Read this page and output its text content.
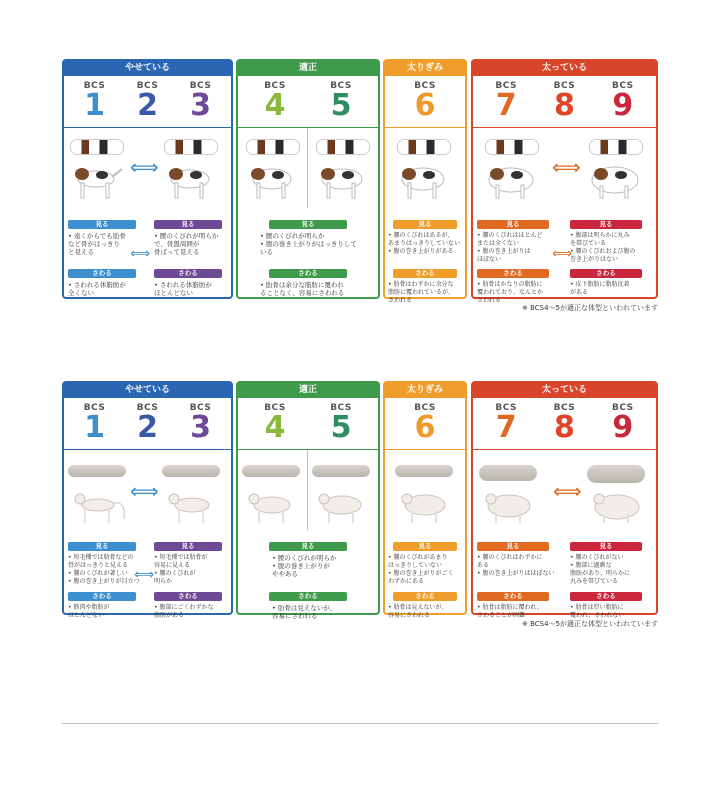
やせている
BCS
1
BCS
2
BCS
3
⟺
見る
• 遠くからでも肋骨
など骨がはっきり
と見える
見る
• 腰のくびれが明らか
で、骨盤周囲が
骨ばって見える
⟺
さわる
• さわれる体脂肪が
全くない
さわる
• さわれる体脂肪が
ほとんどない
適正
BCS
4
BCS
5
見る
• 腰のくびれが明らか
• 腹の巻き上がりがはっきりして
いる
さわる
• 肋骨は余分な脂肪に覆われ
ることなく、容易にさわれる
太りぎみ
BCS
6
見る
• 腰のくびれはあるが、
あまりはっきりしていない
• 腹の巻き上がりがある
さわる
• 肋骨はわずかに余分な
脂肪に覆われているが、
さわれる
太っている
BCS
7
BCS
8
BCS
9
⟺
見る
• 腰のくびれはほとんど
または全くない
• 腹の巻き上がりは
ほぼない
見る
• 腹部は明らかに丸み
を帯びている
• 腰のくびれおよび腹の
巻き上がりはない
⟺
さわる
• 肋骨はかなりの脂肪に
覆われており、なんとか
さわれる
さわる
• 皮下脂肪に脂肪沈着
がある
※ BCS4〜5が適正な体型といわれています
やせている
BCS
1
BCS
2
BCS
3
⟺
見る
• 短毛種では肋骨などの
骨がはっきりと見える
• 腰のくびれが著しい
• 腹の巻き上がりが目立つ
見る
• 短毛種では肋骨が
容易に見える
• 腰のくびれが
明らか
⟺
さわる
• 筋肉や脂肪が
ほとんどない
さわる
• 腹部にごくわずかな
脂肪がある
適正
BCS
4
BCS
5
見る
• 腰のくびれが明らか
• 腹の巻き上がりが
ややある
さわる
• 肋骨は見えないが、
容易にさわれる
太りぎみ
BCS
6
見る
• 腰のくびれがあまり
はっきりしていない
• 腹の巻き上がりがごく
わずかにある
さわる
• 肋骨は見えないが、
容易にさわれる
太っている
BCS
7
BCS
8
BCS
9
⟺
見る
• 腰のくびれはわずかに
ある
• 腹の巻き上がりはほぼない
見る
• 腰のくびれがない
• 腹部に過剰な
脂肪があり、明らかに
丸みを帯びている
さわる
• 肋骨は脂肪に覆われ、
さわることが困難
さわる
• 肋骨は厚い脂肪に
覆われ、さわれない
※ BCS4〜5が適正な体型といわれています
